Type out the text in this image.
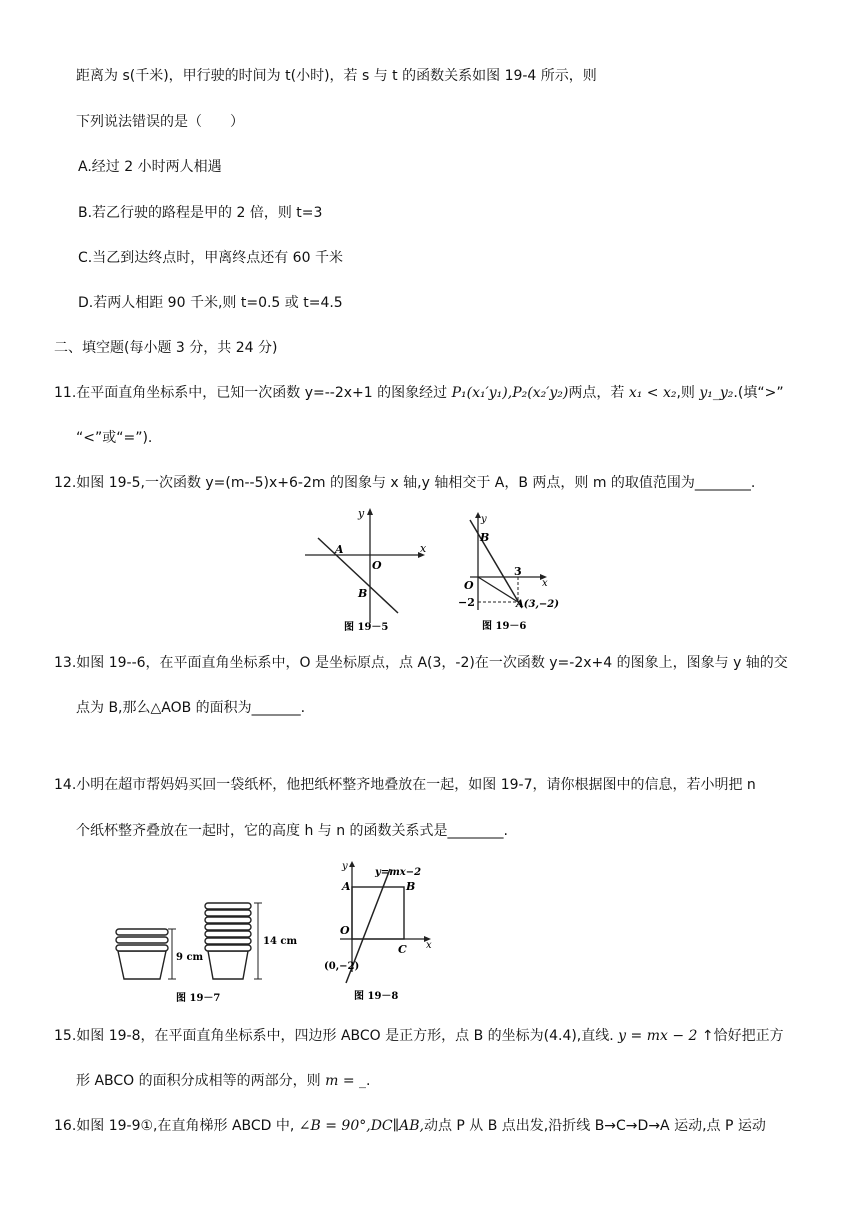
距离为 s(千米)，甲行驶的时间为 t(小时)，若 s 与 t 的函数关系如图 19-4 所示，则
下列说法错误的是（　　）
A.经过 2 小时两人相遇
B.若乙行驶的路程是甲的 2 倍，则 t=3
C.当乙到达终点时，甲离终点还有 60 千米
D.若两人相距 90 千米,则 t=0.5 或 t=4.5
二、填空题(每小题 3 分，共 24 分)
11.在平面直角坐标系中，已知一次函数 y=--2x+1 的图象经过 P₁(x₁′y₁),P₂(x₂′y₂)两点，若 x₁ < x₂,则 y₁_y₂.(填“>”
“<”或“=”).
12.如图 19-5,一次函数 y=(m--5)x+6-2m 的图象与 x 轴,y 轴相交于 A，B 两点，则 m 的取值范围为________.
x
y
A
B
O
图 19－5
y
x
B
O
3
−2	A(3,−2)
图 19－6
13.如图 19--6，在平面直角坐标系中，O 是坐标原点，点 A(3，-2)在一次函数 y=-2x+4 的图象上，图象与 y 轴的交
点为 B,那么△AOB 的面积为_______.
14.小明在超市帮妈妈买回一袋纸杯，他把纸杯整齐地叠放在一起，如图 19-7，请你根据图中的信息，若小明把 n
个纸杯整齐叠放在一起时，它的高度 h 与 n 的函数关系式是________.
9 cm
14 cm
图 19－7
y
x
y=mx−2
A	B
C
O
(0,−2)
图 19－8
15.如图 19-8，在平面直角坐标系中，四边形 ABCO 是正方形，点 B 的坐标为(4.4),直线. y = mx − 2 ↑恰好把正方
形 ABCO 的面积分成相等的两部分，则 m = _.
16.如图 19-9①,在直角梯形 ABCD 中, ∠B = 90°,DC∥AB,动点 P 从 B 点出发,沿折线 B→C→D→A 运动,点 P 运动
